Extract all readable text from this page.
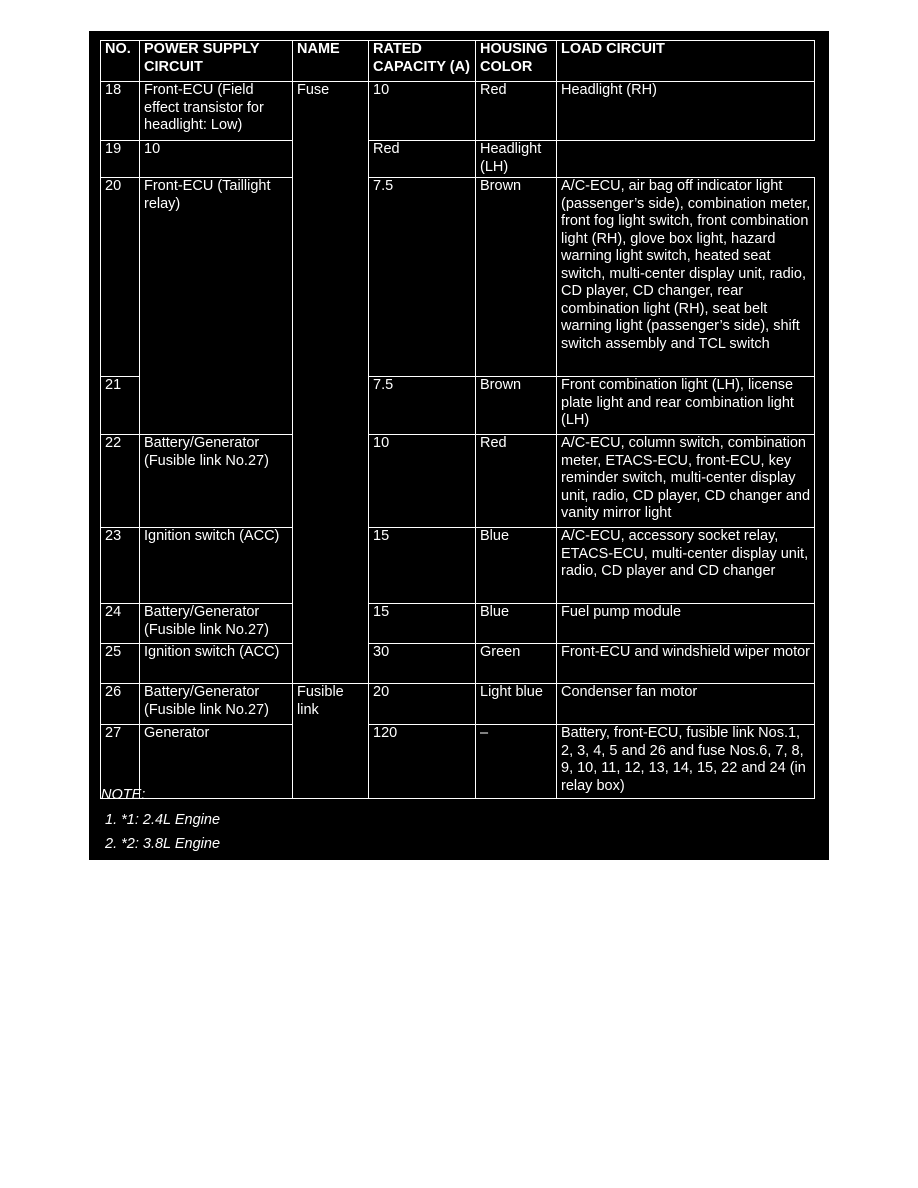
NO.	POWER SUPPLY CIRCUIT	NAME	RATED CAPACITY (A)	HOUSING COLOR	LOAD CIRCUIT
18	Front-ECU (Field effect transistor for headlight: Low)	Fuse	10	Red	Headlight (RH)
19	10		Red	Headlight (LH)	
20	Front-ECU (Taillight relay)		7.5	Brown	A/C-ECU, air bag off indicator light (passenger’s side), combination meter, front fog light switch, front combination light (RH), glove box light, hazard warning light switch, heated seat switch, multi-center display unit, radio, CD player, CD changer, rear combination light (RH), seat belt warning light (passenger’s side), shift switch assembly and TCL switch
21			7.5	Brown	Front combination light (LH), license plate light and rear combination light (LH)
22	Battery/Generator (Fusible link No.27)		10	Red	A/C-ECU, column switch, combination meter, ETACS-ECU, front-ECU, key reminder switch, multi-center display unit, radio, CD player, CD changer and vanity mirror light
23	Ignition switch (ACC)		15	Blue	A/C-ECU, accessory socket relay, ETACS-ECU, multi-center display unit, radio, CD player and CD changer
24	Battery/Generator (Fusible link No.27)		15	Blue	Fuel pump module
25	Ignition switch (ACC)		30	Green	Front-ECU and windshield wiper motor
26	Battery/Generator (Fusible link No.27)	Fusible link	20	Light blue	Condenser fan motor
27	Generator		120	–	Battery, front-ECU, fusible link Nos.1, 2, 3, 4, 5 and 26 and fuse Nos.6, 7, 8, 9, 10, 11, 12, 13, 14, 15, 22 and 24 (in relay box)
NOTE:
1. *1: 2.4L Engine
2. *2: 3.8L Engine
